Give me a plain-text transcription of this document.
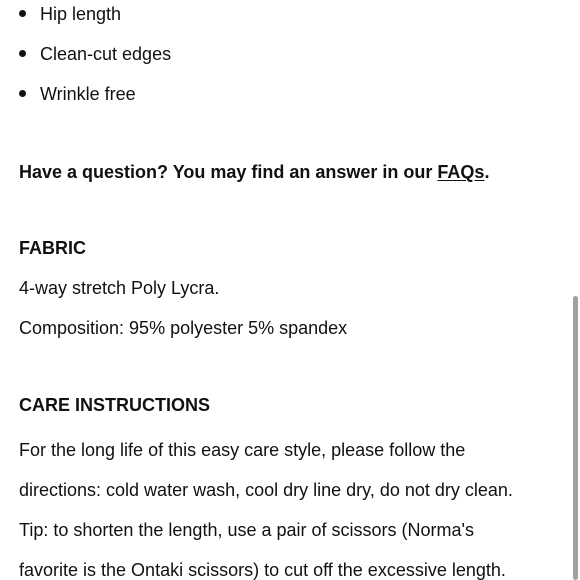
Hip length
Clean-cut edges
Wrinkle free
Have a question? You may find an answer in our FAQs.
FABRIC
4-way stretch Poly Lycra.
Composition: 95% polyester 5% spandex
CARE INSTRUCTIONS
For the long life of this easy care style, please follow the
directions: cold water wash, cool dry line dry, do not dry clean.
Tip: to shorten the length, use a pair of scissors (Norma's
favorite is the Ontaki scissors) to cut off the excessive length.
